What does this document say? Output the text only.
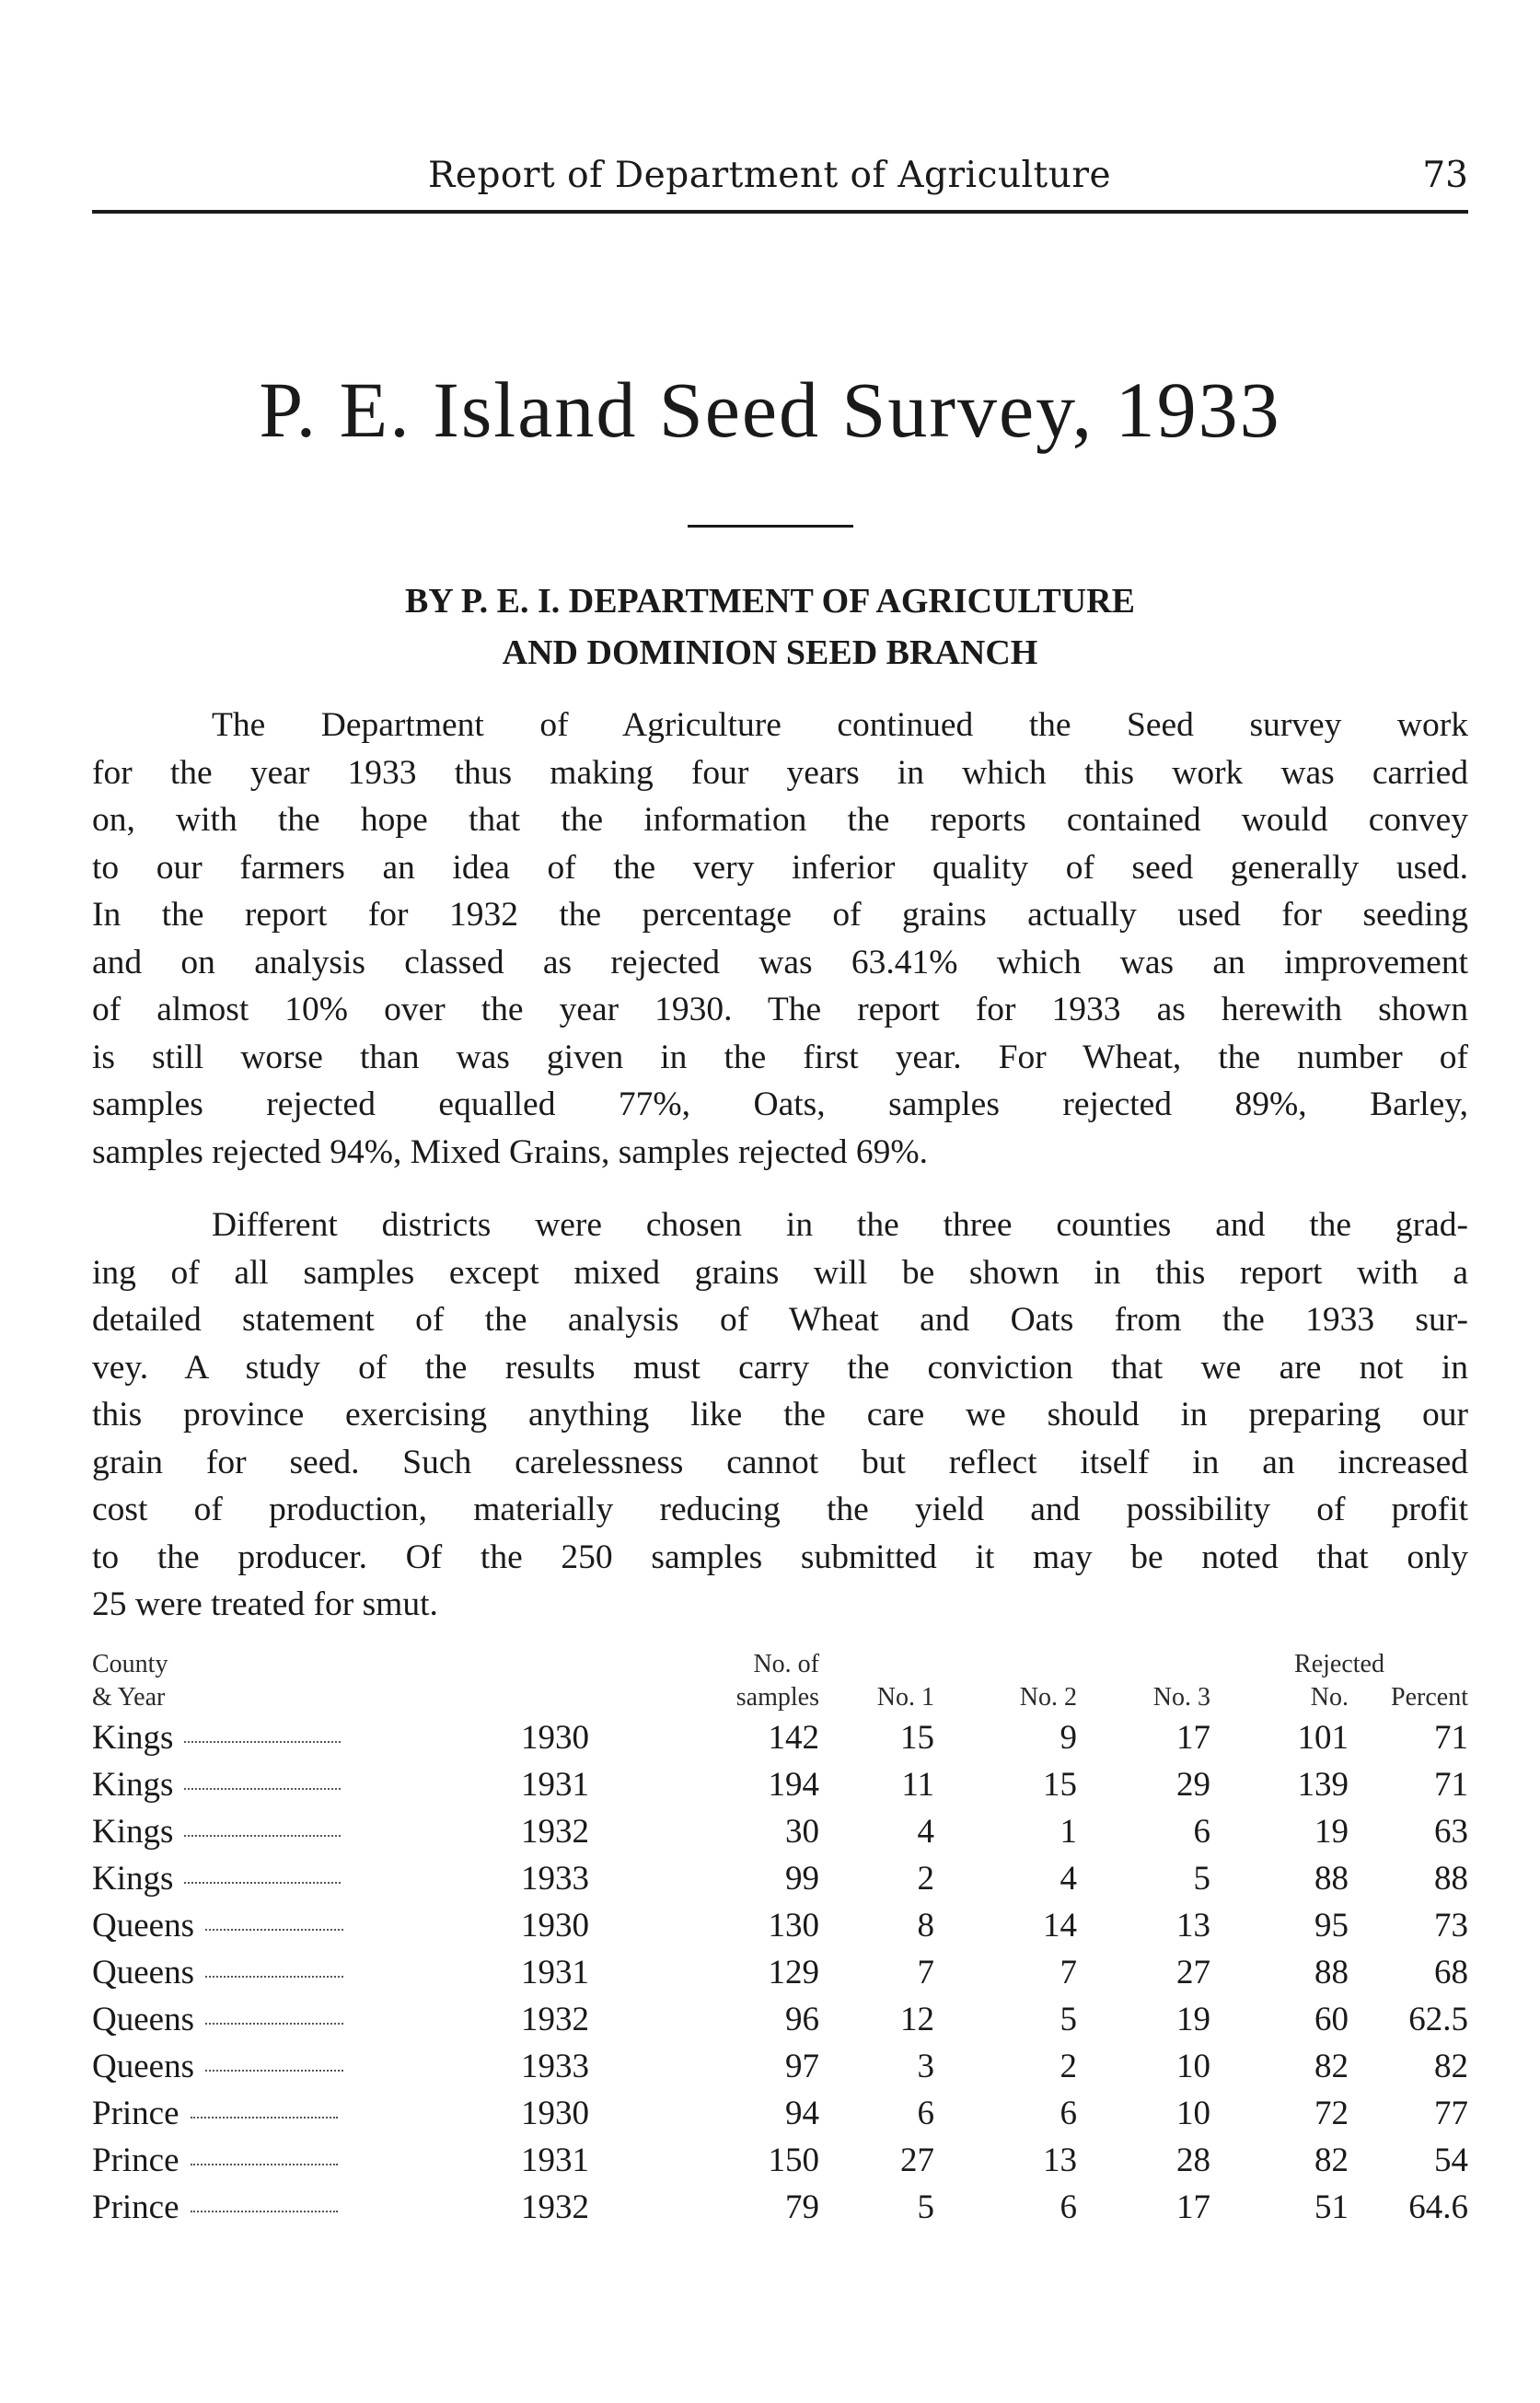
Report of Department of Agriculture	73
P. E. Island Seed Survey, 1933
BY P. E. I. DEPARTMENT OF AGRICULTURE
AND DOMINION SEED BRANCH
The Department of Agriculture continued the Seed survey work
for the year 1933 thus making four years in which this work was carried
on, with the hope that the information the reports contained would convey
to our farmers an idea of the very inferior quality of seed generally used.
In the report for 1932 the percentage of grains actually used for seeding
and on analysis classed as rejected was 63.41% which was an improvement
of almost 10% over the year 1930. The report for 1933 as herewith shown
is still worse than was given in the first year. For Wheat, the number of
samples rejected equalled 77%, Oats, samples rejected 89%, Barley,
samples rejected 94%, Mixed Grains, samples rejected 69%.
Different districts were chosen in the three counties and the grad-
ing of all samples except mixed grains will be shown in this report with a
detailed statement of the analysis of Wheat and Oats from the 1933 sur-
vey. A study of the results must carry the conviction that we are not in
this province exercising anything like the care we should in preparing our
grain for seed. Such carelessness cannot but reflect itself in an increased
cost of production, materially reducing the yield and possibility of profit
to the producer. Of the 250 samples submitted it may be noted that only
25 were treated for smut.
County		No. of				Rejected	
& Year		samples	No. 1	No. 2	No. 3	No.	Percent
Kings	1930	142	15	9	17	101	71
Kings	1931	194	11	15	29	139	71
Kings	1932	30	4	1	6	19	63
Kings	1933	99	2	4	5	88	88
Queens	1930	130	8	14	13	95	73
Queens	1931	129	7	7	27	88	68
Queens	1932	96	12	5	19	60	62.5
Queens	1933	97	3	2	10	82	82
Prince	1930	94	6	6	10	72	77
Prince	1931	150	27	13	28	82	54
Prince	1932	79	5	6	17	51	64.6
